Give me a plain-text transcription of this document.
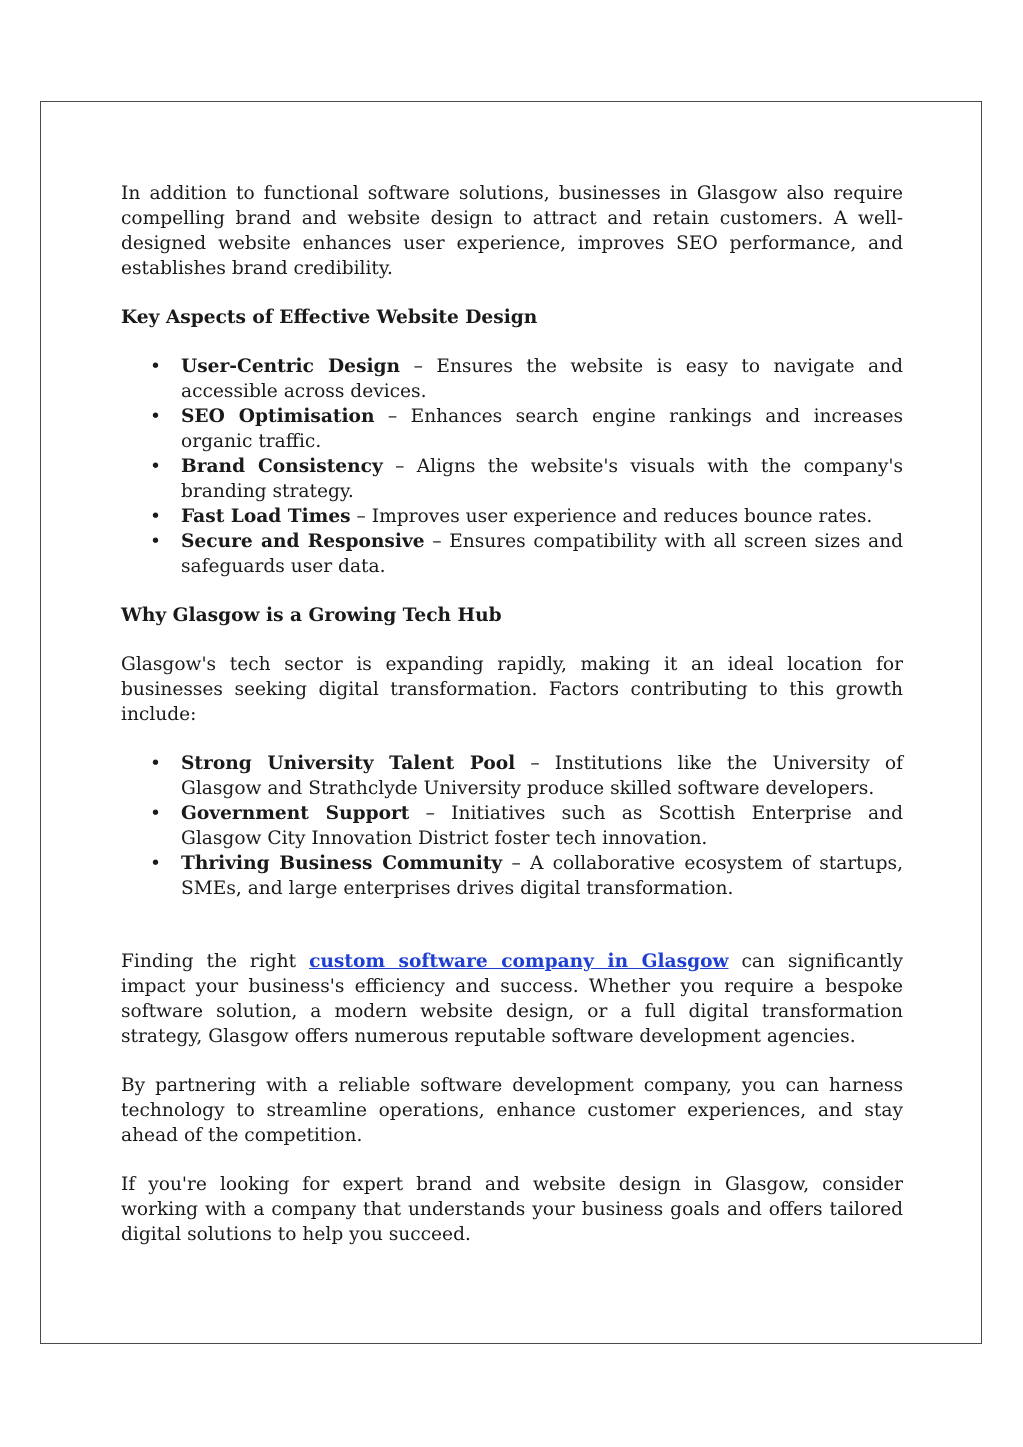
In addition to functional software solutions, businesses in Glasgow also require compelling brand and website design to attract and retain customers. A well-designed website enhances user experience, improves SEO performance, and establishes brand credibility.

Key Aspects of Effective Website Design
• User-Centric Design – Ensures the website is easy to navigate and accessible across devices.
• SEO Optimisation – Enhances search engine rankings and increases organic traffic.
• Brand Consistency – Aligns the website's visuals with the company's branding strategy.
• Fast Load Times – Improves user experience and reduces bounce rates.
• Secure and Responsive – Ensures compatibility with all screen sizes and safeguards user data.
Why Glasgow is a Growing Tech Hub

Glasgow's tech sector is expanding rapidly, making it an ideal location for businesses seeking digital transformation. Factors contributing to this growth include:

• Strong University Talent Pool – Institutions like the University of Glasgow and Strathclyde University produce skilled software developers.
• Government Support – Initiatives such as Scottish Enterprise and Glasgow City Innovation District foster tech innovation.
• Thriving Business Community – A collaborative ecosystem of startups, SMEs, and large enterprises drives digital transformation.

Finding the right custom software company in Glasgow can significantly impact your business's efficiency and success. Whether you require a bespoke software solution, a modern website design, or a full digital transformation strategy, Glasgow offers numerous reputable software development agencies.

By partnering with a reliable software development company, you can harness technology to streamline operations, enhance customer experiences, and stay ahead of the competition.

If you're looking for expert brand and website design in Glasgow, consider working with a company that understands your business goals and offers tailored digital solutions to help you succeed.
